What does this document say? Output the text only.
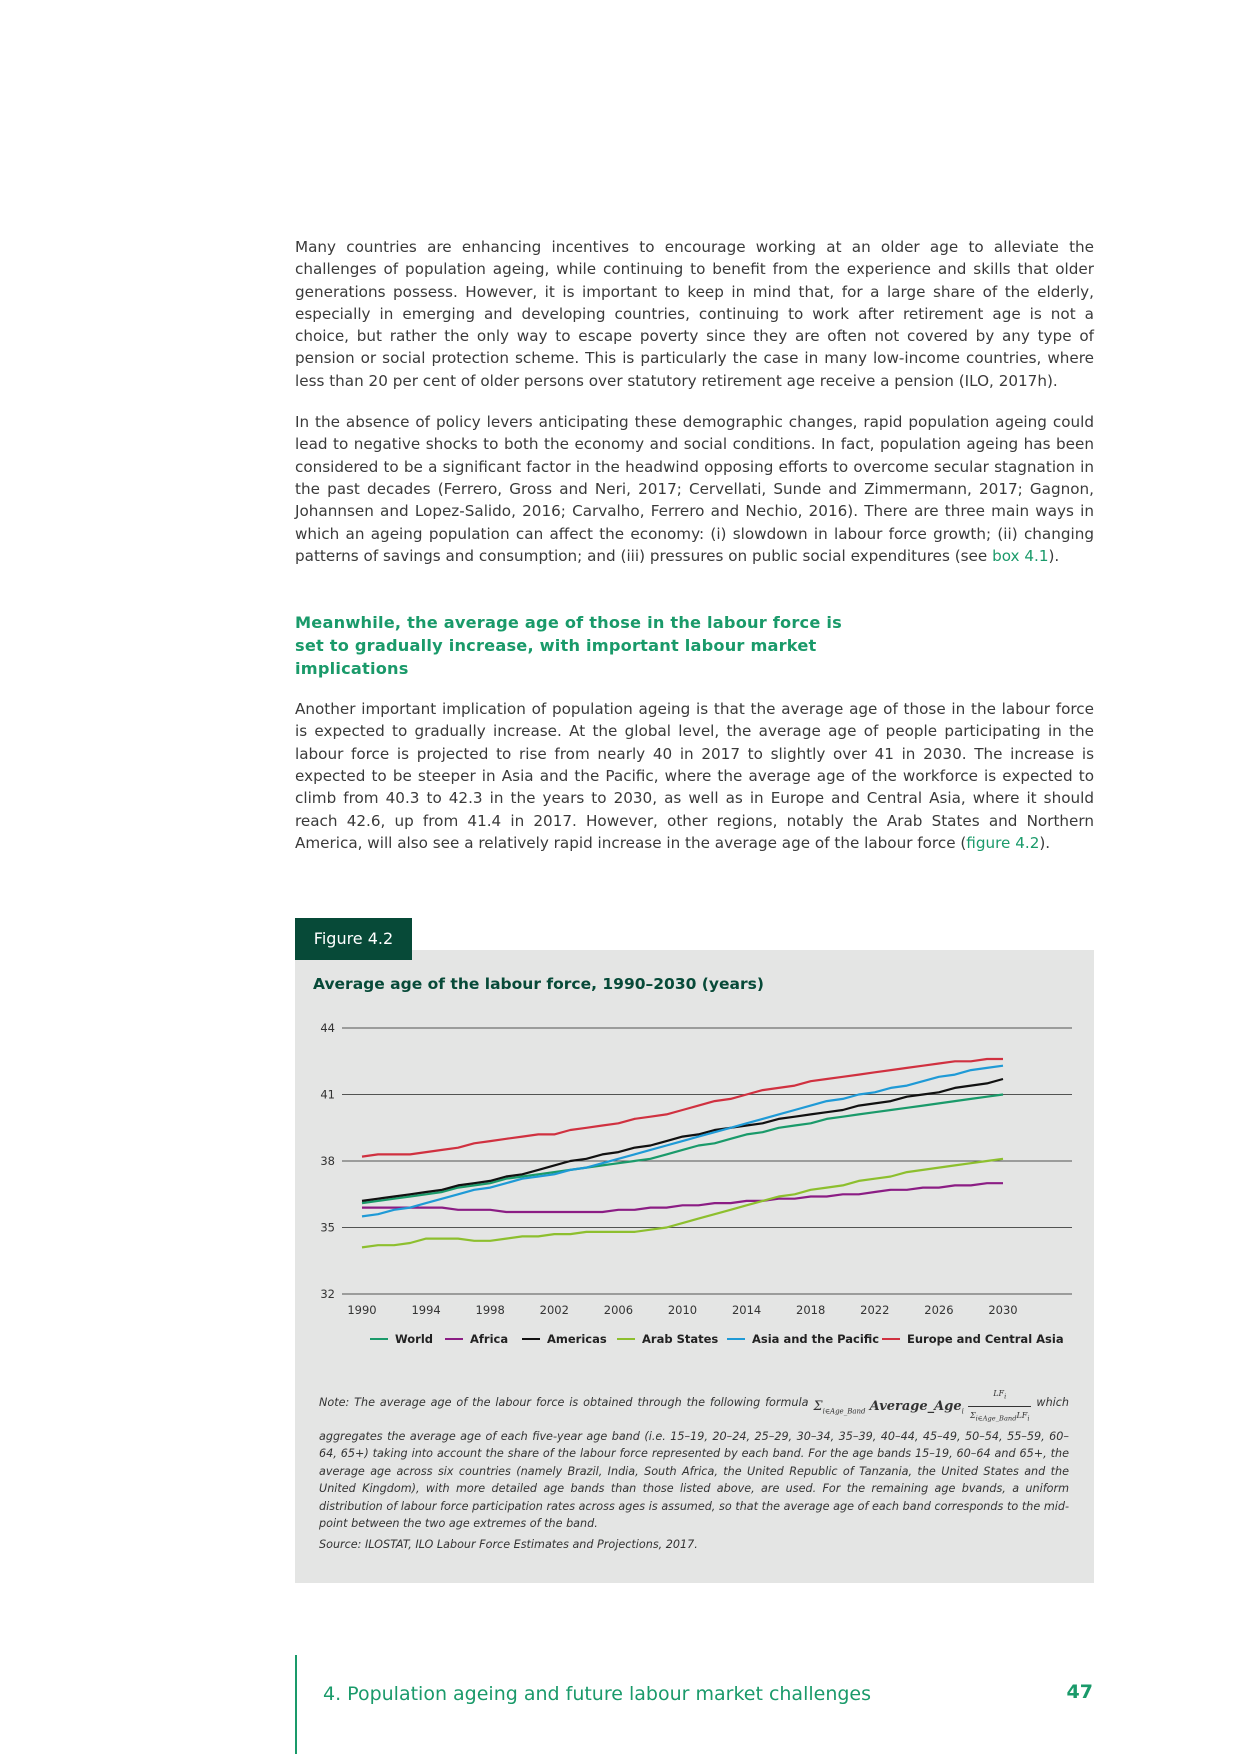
Many countries are enhancing incentives to encourage working at an older age to alleviate the challenges of population ageing, while continuing to benefit from the experience and skills that older generations possess. However, it is important to keep in mind that, for a large share of the elderly, especially in emerging and developing countries, continuing to work after retirement age is not a choice, but rather the only way to escape poverty since they are often not covered by any type of pension or social protection scheme. This is particularly the case in many low-income countries, where less than 20 per cent of older persons over statutory retirement age receive a pension (ILO, 2017h).

In the absence of policy levers anticipating these demographic changes, rapid population ageing could lead to negative shocks to both the economy and social conditions. In fact, population ageing has been considered to be a significant factor in the headwind opposing efforts to overcome secular stagnation in the past decades (Ferrero, Gross and Neri, 2017; Cervellati, Sunde and Zimmermann, 2017; Gagnon, Johannsen and Lopez-Salido, 2016; Carvalho, Ferrero and Nechio, 2016). There are three main ways in which an ageing population can affect the economy: (i) slowdown in labour force growth; (ii) changing patterns of savings and consumption; and (iii) pressures on public social expenditures (see box 4.1).

Meanwhile, the average age of those in the labour force is set to gradually increase, with important labour market implications

Another important implication of population ageing is that the average age of those in the labour force is expected to gradually increase. At the global level, the average age of people participating in the labour force is projected to rise from nearly 40 in 2017 to slightly over 41 in 2030. The increase is expected to be steeper in Asia and the Pacific, where the average age of the workforce is expected to climb from 40.3 to 42.3 in the years to 2030, as well as in Europe and Central Asia, where it should reach 42.6, up from 41.4 in 2017. However, other regions, notably the Arab States and Northern America, will also see a relatively rapid increase in the average age of the labour force (figure 4.2).

44
41
38
35
32
1990	1994	1998	2002	2006	2010	2014	2018	2022	2026	2030
World	Africa	Americas	Arab States	Asia and the Pacific Europe and Central Asia

Average age of the labour force, 1990–2030 (years)

Note: The average age of the labour force is obtained through the following formula $\Sigma_{i\in Age\_Band}$ Average_Age$_i$ $\frac{LF_i}{\Sigma_{i\in Age\_Band}LF_i}$ which aggregates the average age of each five-year age band (i.e. 15–19, 20–24, 25–29, 30–34, 35–39, 40–44, 45–49, 50–54, 55–59, 60–64, 65+) taking into account the share of the labour force represented by each band. For the age bands 15–19, 60–64 and 65+, the average age across six countries (namely Brazil, India, South Africa, the United Republic of Tanzania, the United States and the United Kingdom), with more detailed age bands than those listed above, are used. For the remaining age bvands, a uniform distribution of labour force participation rates across ages is assumed, so that the average age of each band corresponds to the mid-point between the two age extremes of the band.

Source: ILOSTAT, ILO Labour Force Estimates and Projections, 2017.

Figure 4.2
4. Population ageing and future labour market challenges	47
